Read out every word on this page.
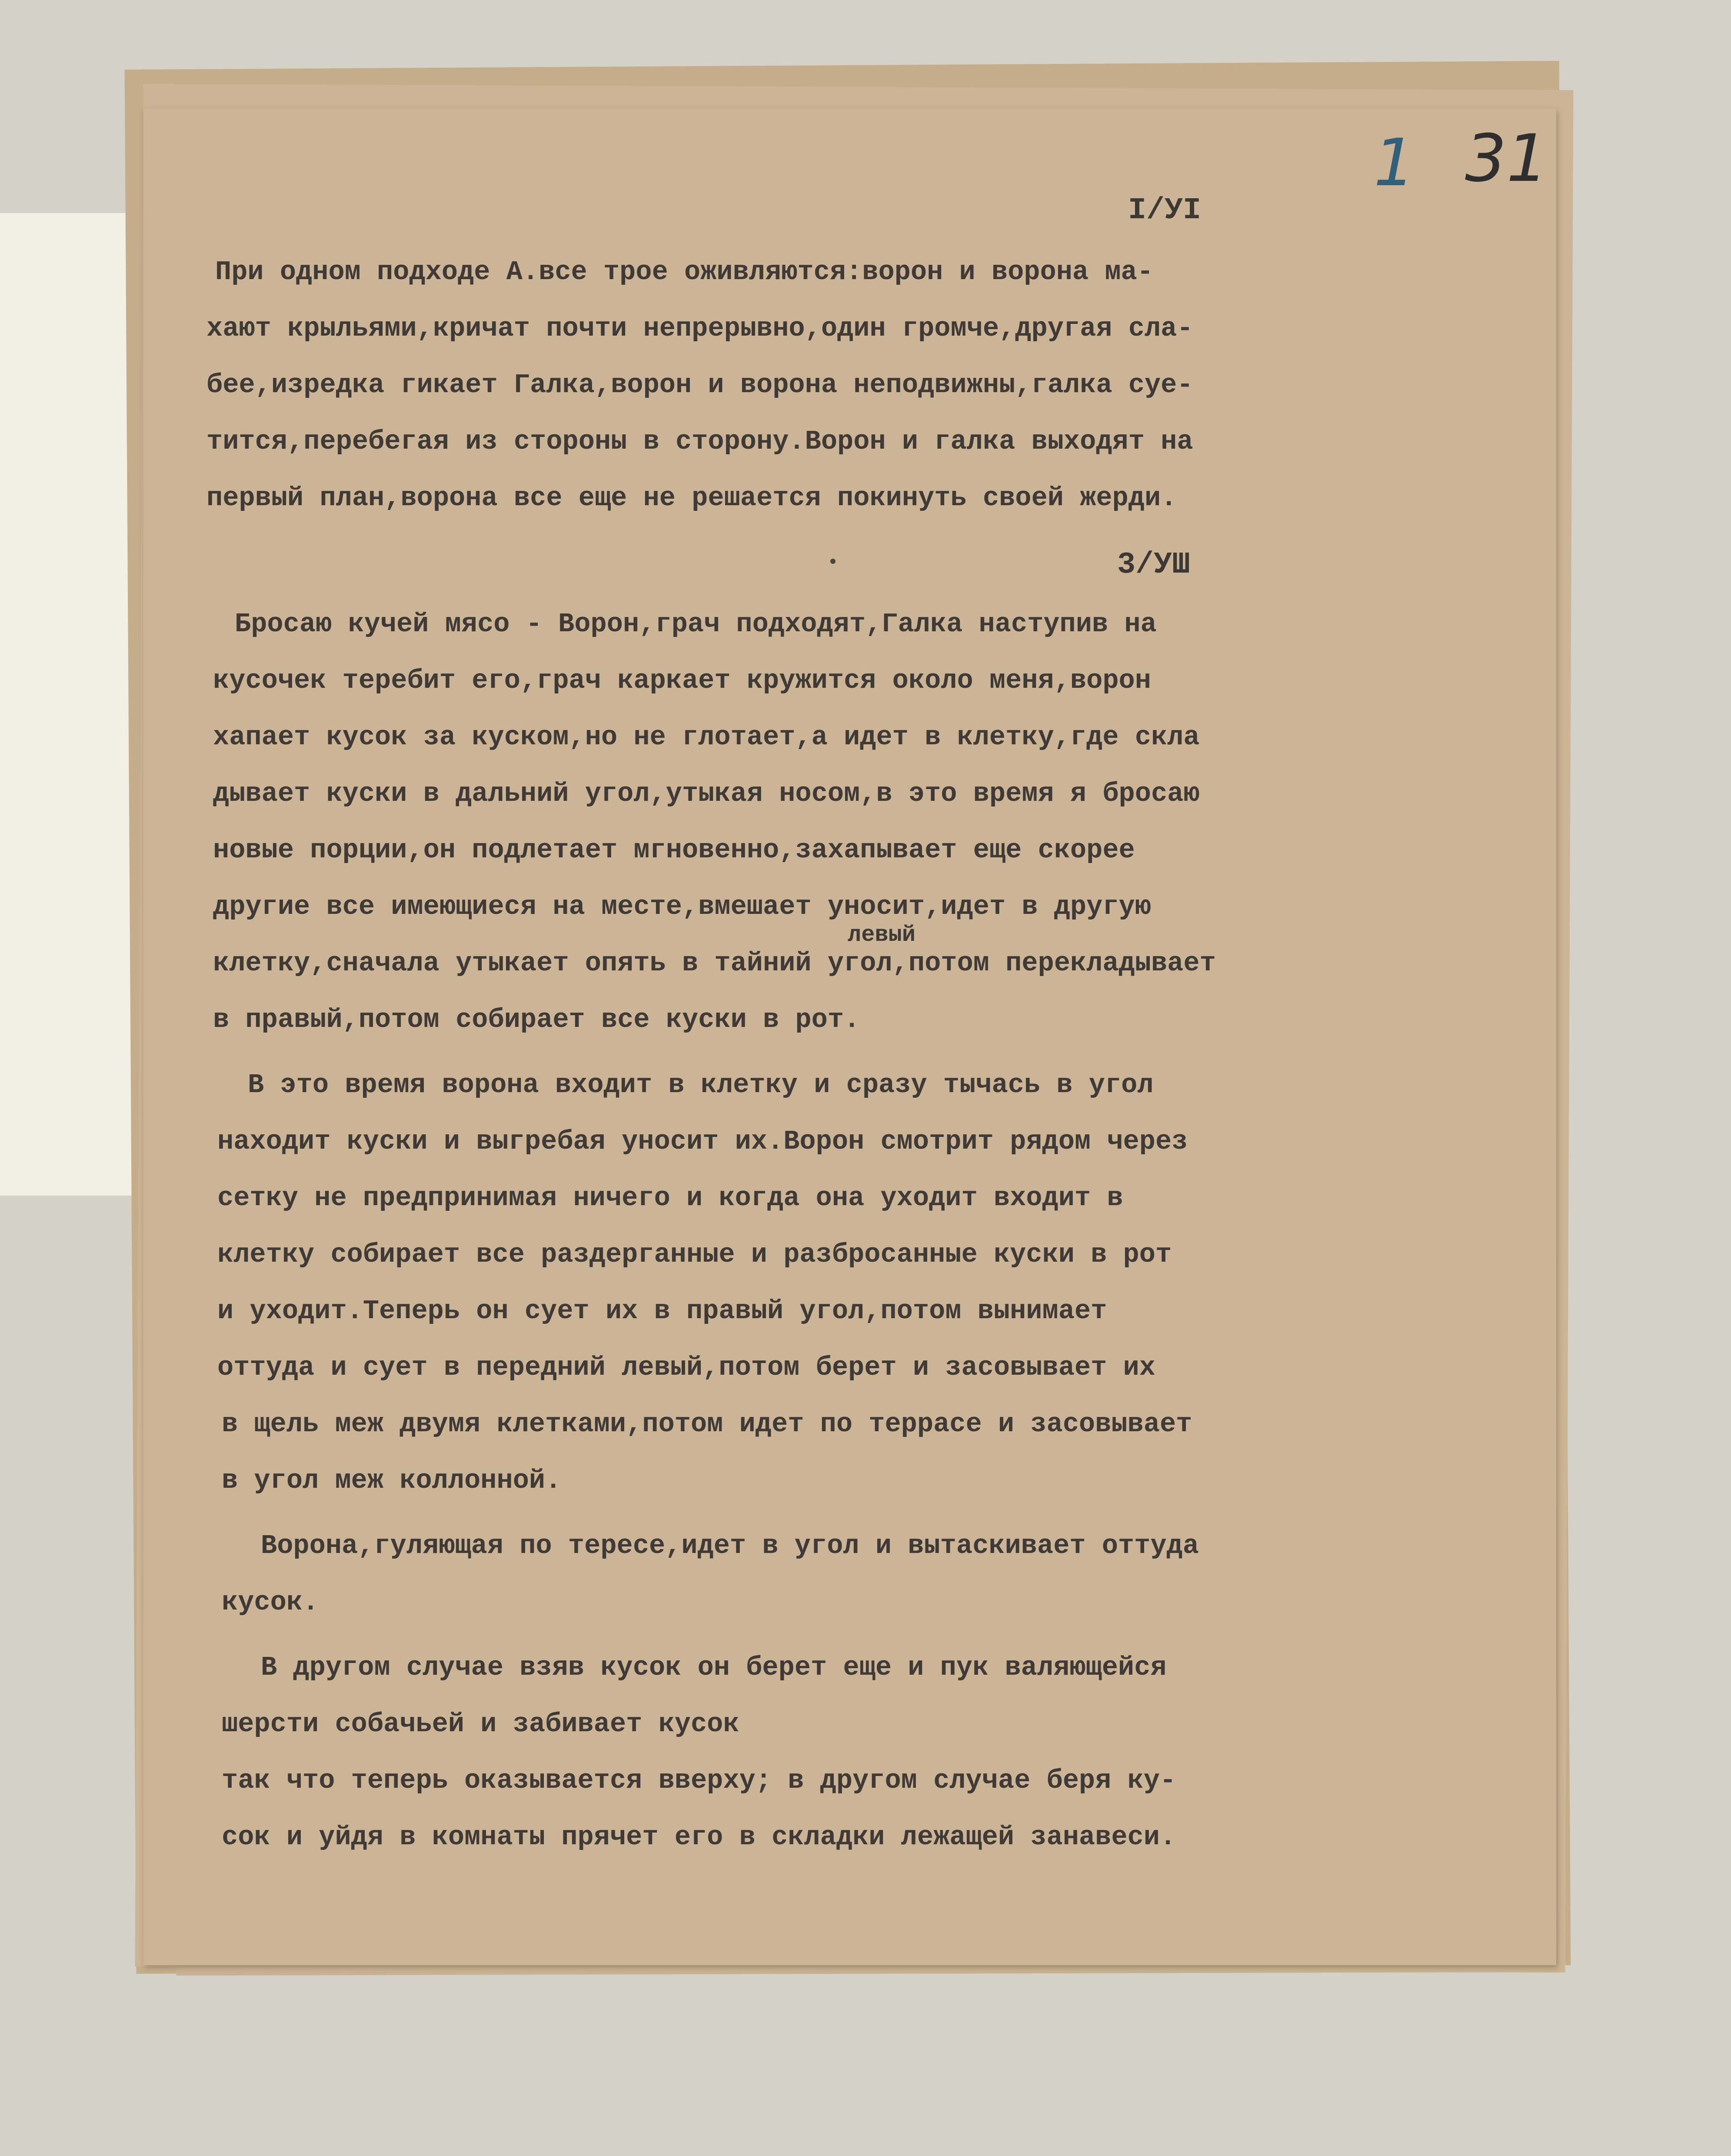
1 31

I/УI

При одном подходе А.все трое оживляются:ворон и ворона ма-

хают крыльями,кричат почти непрерывно,один громче,другая сла-

бее,изредка гикает Галка,ворон и ворона неподвижны,галка суе-

тится,перебегая из стороны в сторону.Ворон и галка выходят на

первый план,ворона все еще не решается покинуть своей жерди.

3/УШ

Бросаю кучей мясо - Ворон,грач подходят,Галка наступив на

кусочек теребит его,грач каркает кружится около меня,ворон

хапает кусок за куском,но не глотает,а идет в клетку,где скла

дывает куски в дальний угол,утыкая носом,в это время я бросаю

новые порции,он подлетает мгновенно,захапывает еще скорее

другие все имеющиеся на месте,вмешает уносит,идет в другую

левый

клетку,сначала утыкает опять в тайний угол,потом перекладывает

в правый,потом собирает все куски в рот.

В это время ворона входит в клетку и сразу тычась в угол

находит куски и выгребая уносит их.Ворон смотрит рядом через

сетку не предпринимая ничего и когда она уходит входит в

клетку собирает все раздерганные и разбросанные куски в рот

и уходит.Теперь он сует их в правый угол,потом вынимает

оттуда и сует в передний левый,потом берет и засовывает их

в щель меж двумя клетками,потом идет по террасе и засовывает

в угол меж коллонной.

Ворона,гуляющая по тересе,идет в угол и вытаскивает оттуда

кусок.

В другом случае взяв кусок он берет еще и пук валяющейся

шерсти собачьей и забивает кусок

так что теперь оказывается вверху; в другом случае беря ку-

сок и уйдя в комнаты прячет его в складки лежащей занавеси.
